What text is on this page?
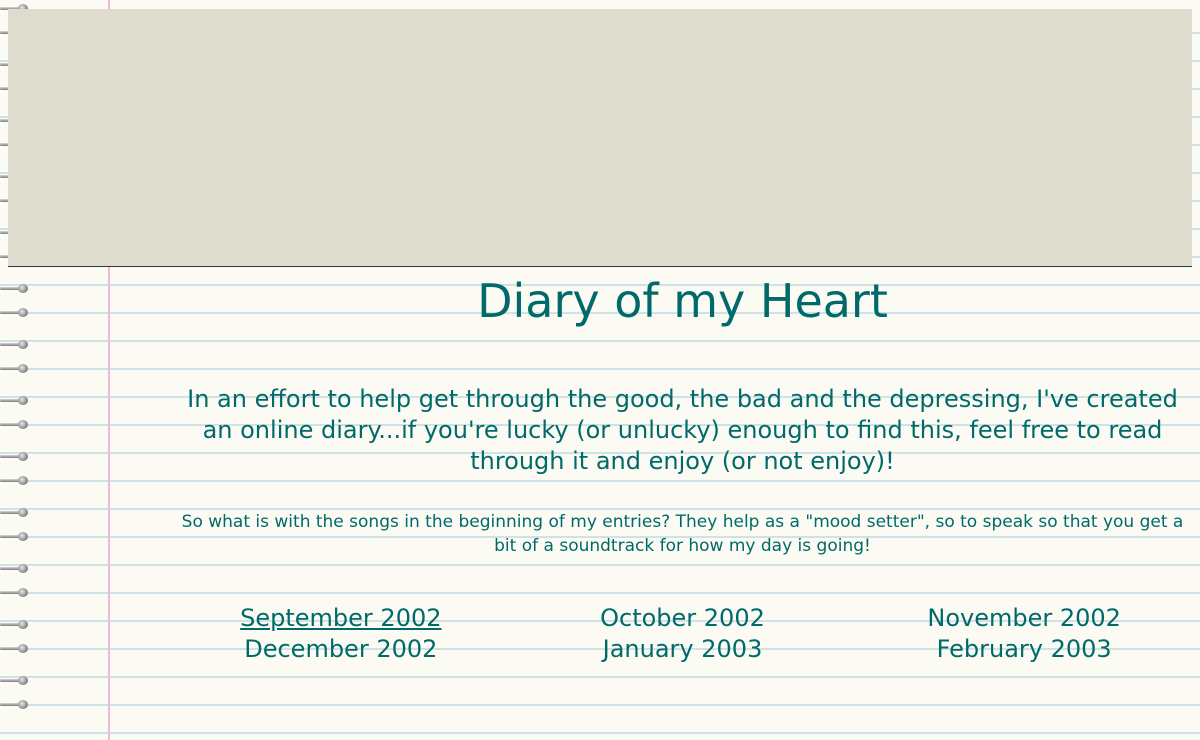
Diary of my Heart

In an effort to help get through the good, the bad and the depressing, I've created an online diary...if you're lucky (or unlucky) enough to find this, feel free to read through it and enjoy (or not enjoy)!

So what is with the songs in the beginning of my entries? They help as a "mood setter", so to speak so that you get a bit of a soundtrack for how my day is going!

September 2002	October 2002	November 2002
December 2002	January 2003	February 2003
